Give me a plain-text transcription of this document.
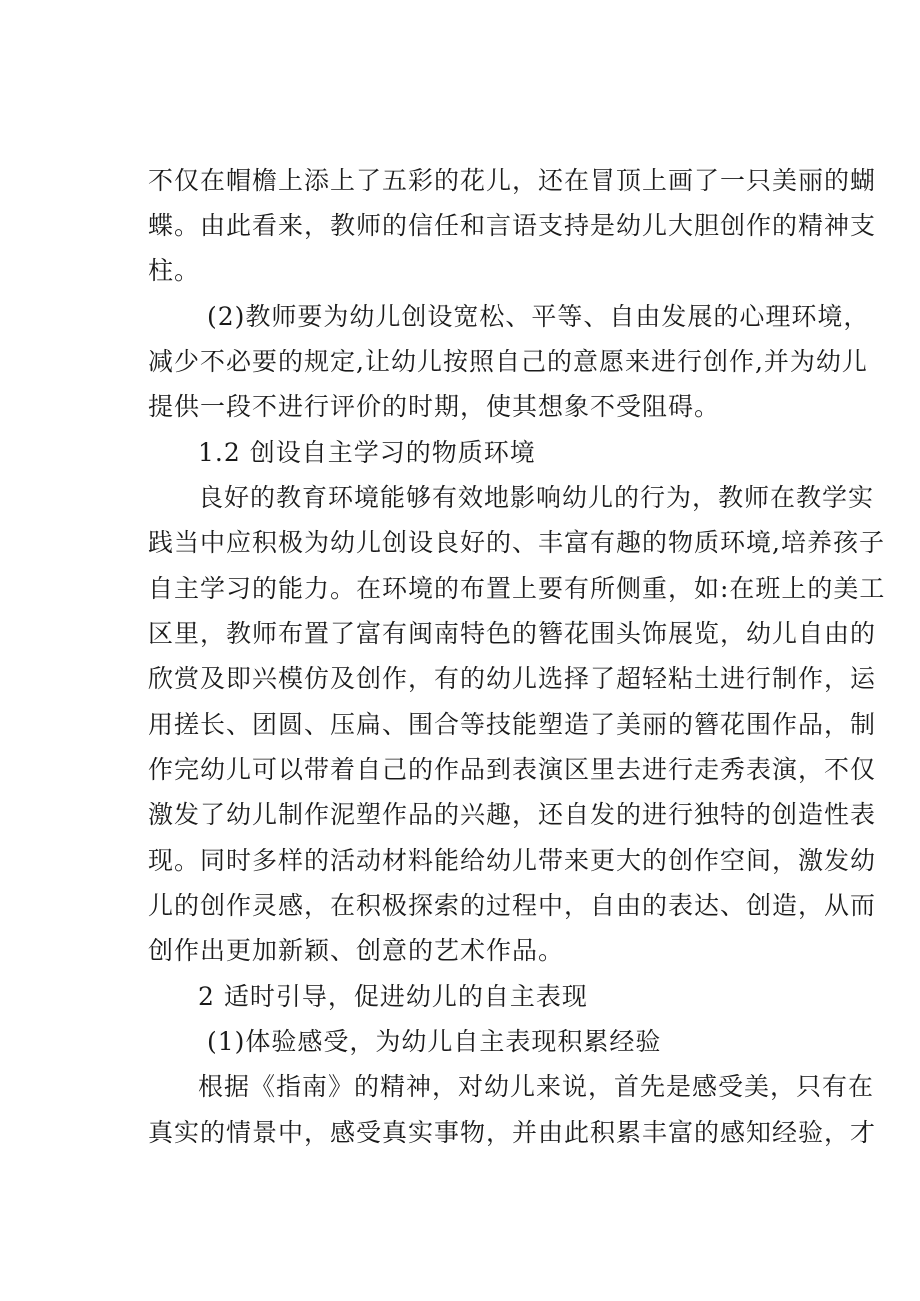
不仅在帽檐上添上了五彩的花儿，还在冒顶上画了一只美丽的蝴
蝶。由此看来，教师的信任和言语支持是幼儿大胆创作的精神支
柱。
(2)教师要为幼儿创设宽松、平等、自由发展的心理环境，
减少不必要的规定,让幼儿按照自己的意愿来进行创作,并为幼儿
提供一段不进行评价的时期，使其想象不受阻碍。
1.2 创设自主学习的物质环境
良好的教育环境能够有效地影响幼儿的行为，教师在教学实
践当中应积极为幼儿创设良好的、丰富有趣的物质环境,培养孩子
自主学习的能力。在环境的布置上要有所侧重，如:在班上的美工
区里，教师布置了富有闽南特色的簪花围头饰展览，幼儿自由的
欣赏及即兴模仿及创作，有的幼儿选择了超轻粘土进行制作，运
用搓长、团圆、压扁、围合等技能塑造了美丽的簪花围作品，制
作完幼儿可以带着自己的作品到表演区里去进行走秀表演，不仅
激发了幼儿制作泥塑作品的兴趣，还自发的进行独特的创造性表
现。同时多样的活动材料能给幼儿带来更大的创作空间，激发幼
儿的创作灵感，在积极探索的过程中，自由的表达、创造，从而
创作出更加新颖、创意的艺术作品。
2 适时引导，促进幼儿的自主表现
(1)体验感受，为幼儿自主表现积累经验
根据《指南》的精神，对幼儿来说，首先是感受美，只有在
真实的情景中，感受真实事物，并由此积累丰富的感知经验，才
